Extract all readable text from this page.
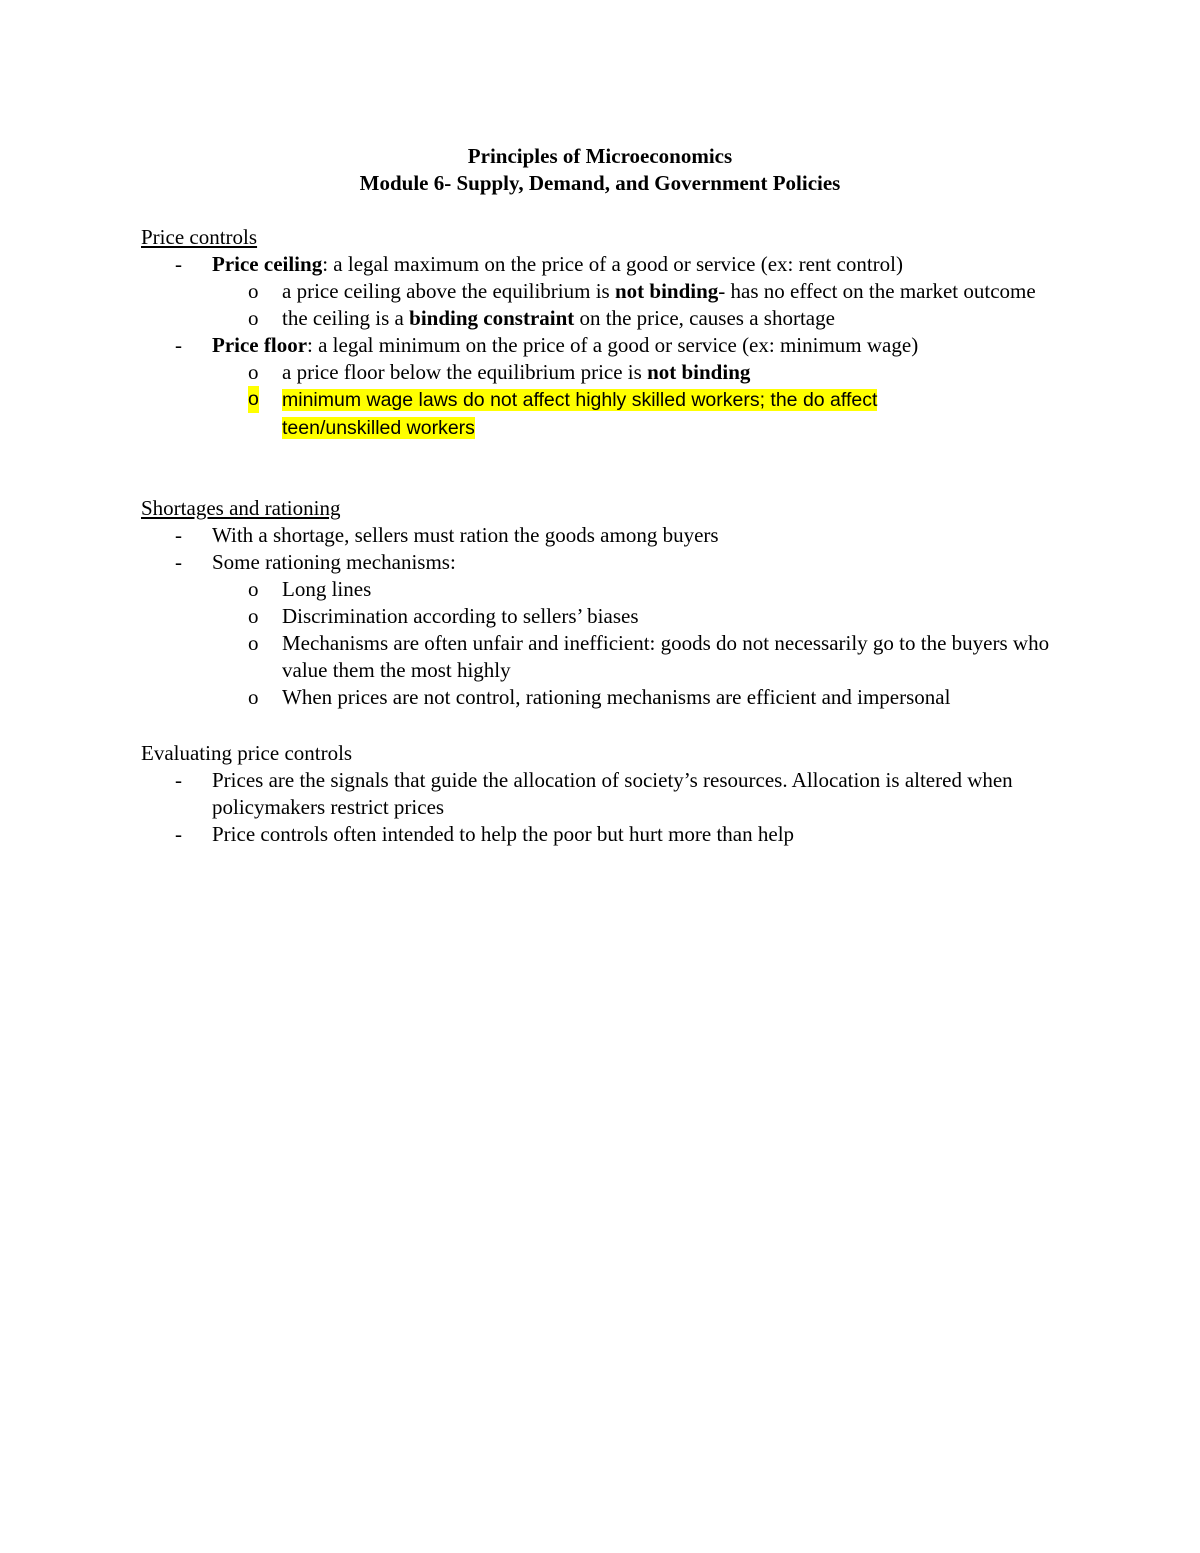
Principles of Microeconomics
Module 6- Supply, Demand, and Government Policies
Price controls
- Price ceiling: a legal maximum on the price of a good or service (ex: rent control)
o a price ceiling above the equilibrium is not binding- has no effect on the market outcome
o the ceiling is a binding constraint on the price, causes a shortage
- Price floor: a legal minimum on the price of a good or service (ex: minimum wage)
o a price floor below the equilibrium price is not binding
o minimum wage laws do not affect highly skilled workers; the do affect
teen/unskilled workers
Shortages and rationing
- With a shortage, sellers must ration the goods among buyers
- Some rationing mechanisms:
o Long lines
o Discrimination according to sellers’ biases
o Mechanisms are often unfair and inefficient: goods do not necessarily go to the buyers who value them the most highly
o When prices are not control, rationing mechanisms are efficient and impersonal
Evaluating price controls
- Prices are the signals that guide the allocation of society’s resources. Allocation is altered when policymakers restrict prices
- Price controls often intended to help the poor but hurt more than help
